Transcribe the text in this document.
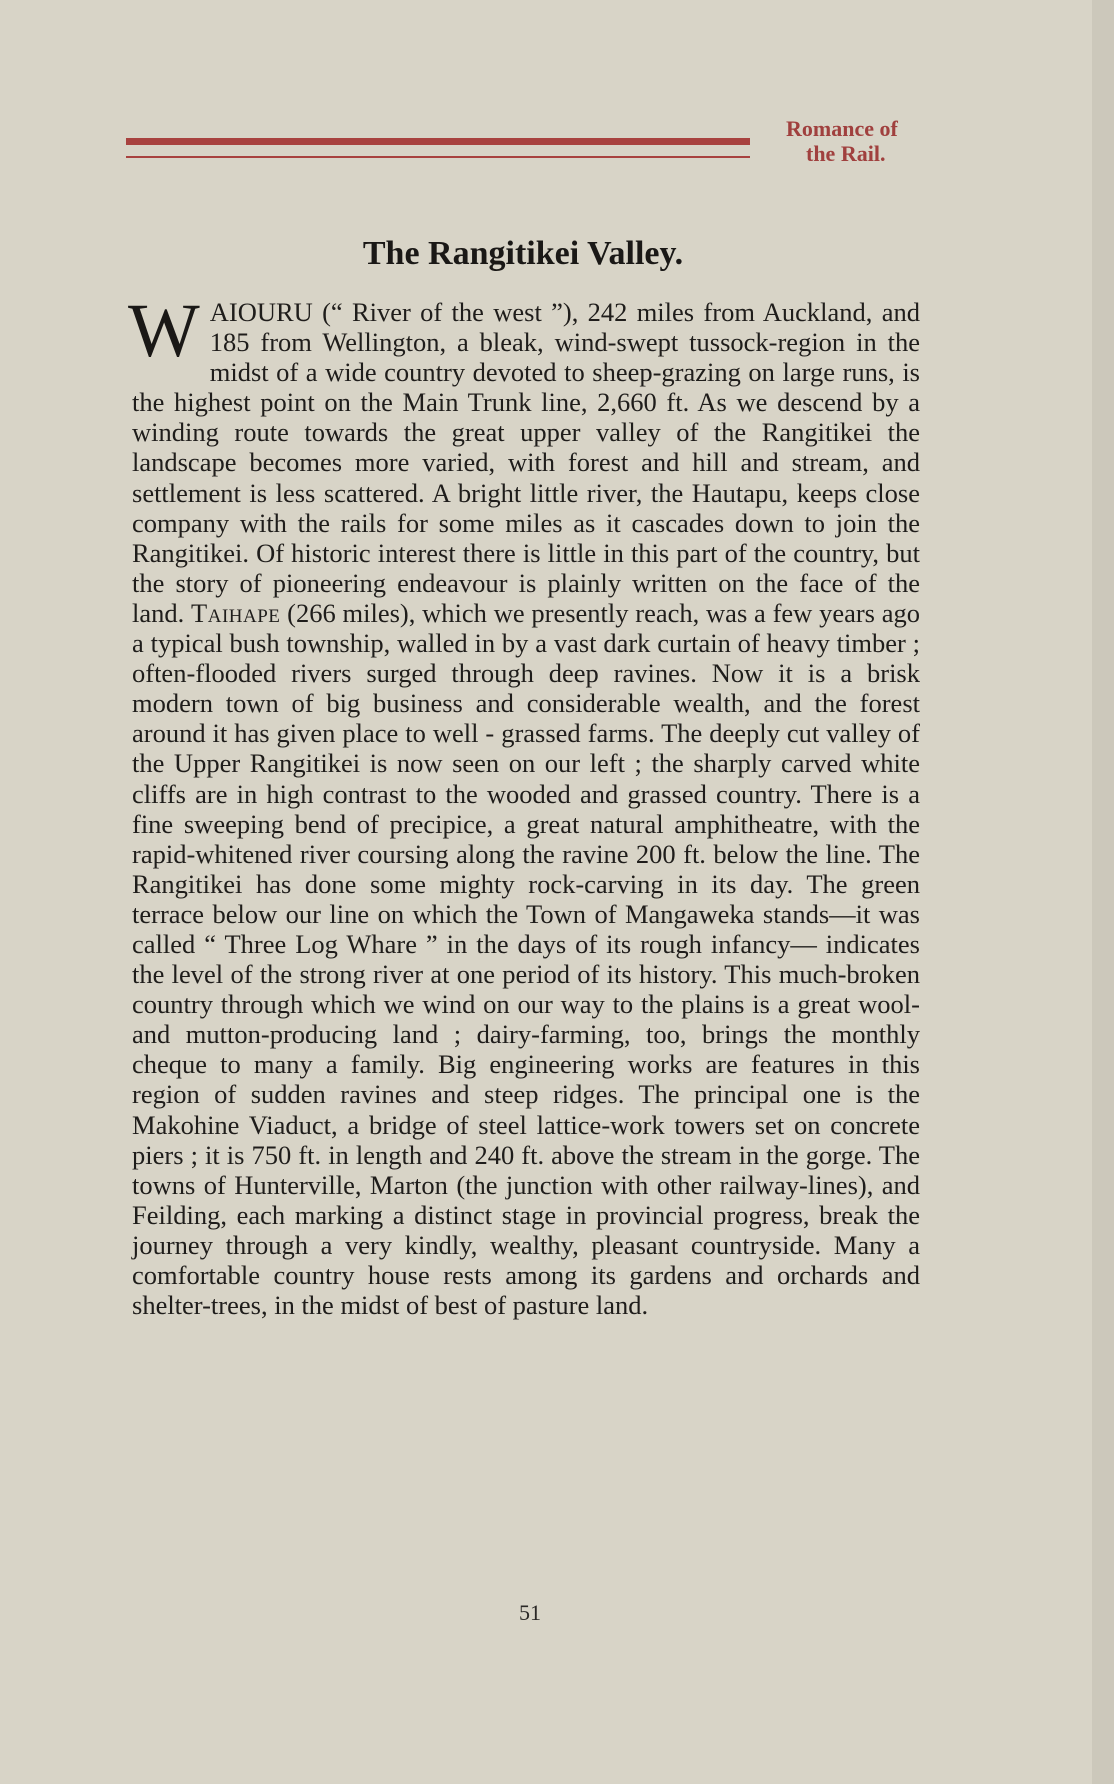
Romance of
the Rail.

The Rangitikei Valley.

WAIOURU (“ River of the west ”), 242 miles from Auckland, and 185 from Wellington, a bleak, wind-swept tussock-region in the midst of a wide country devoted to sheep-grazing on large runs, is the highest point on the Main Trunk line, 2,660 ft. As we descend by a winding route towards the great upper valley of the Rangitikei the landscape becomes more varied, with forest and hill and stream, and settlement is less scattered. A bright little river, the Hautapu, keeps close company with the rails for some miles as it cascades down to join the Rangitikei. Of historic interest there is little in this part of the country, but the story of pioneering endeavour is plainly written on the face of the land. Taihape (266 miles), which we presently reach, was a few years ago a typical bush township, walled in by a vast dark curtain of heavy timber ; often-flooded rivers surged through deep ravines. Now it is a brisk modern town of big business and considerable wealth, and the forest around it has given place to well - grassed farms. The deeply cut valley of the Upper Rangitikei is now seen on our left ; the sharply carved white cliffs are in high contrast to the wooded and grassed country. There is a fine sweeping bend of precipice, a great natural amphitheatre, with the rapid-whitened river coursing along the ravine 200 ft. below the line. The Rangitikei has done some mighty rock-carving in its day. The green terrace below our line on which the Town of Mangaweka stands—it was called “ Three Log Whare ” in the days of its rough infancy— indicates the level of the strong river at one period of its history. This much-broken country through which we wind on our way to the plains is a great wool- and mutton-producing land ; dairy-farming, too, brings the monthly cheque to many a family. Big engineering works are features in this region of sudden ravines and steep ridges. The principal one is the Makohine Viaduct, a bridge of steel lattice-work towers set on concrete piers ; it is 750 ft. in length and 240 ft. above the stream in the gorge. The towns of Hunterville, Marton (the junction with other railway-lines), and Feilding, each marking a distinct stage in provincial progress, break the journey through a very kindly, wealthy, pleasant countryside. Many a comfortable country house rests among its gardens and orchards and shelter-trees, in the midst of best of pasture land.

51
